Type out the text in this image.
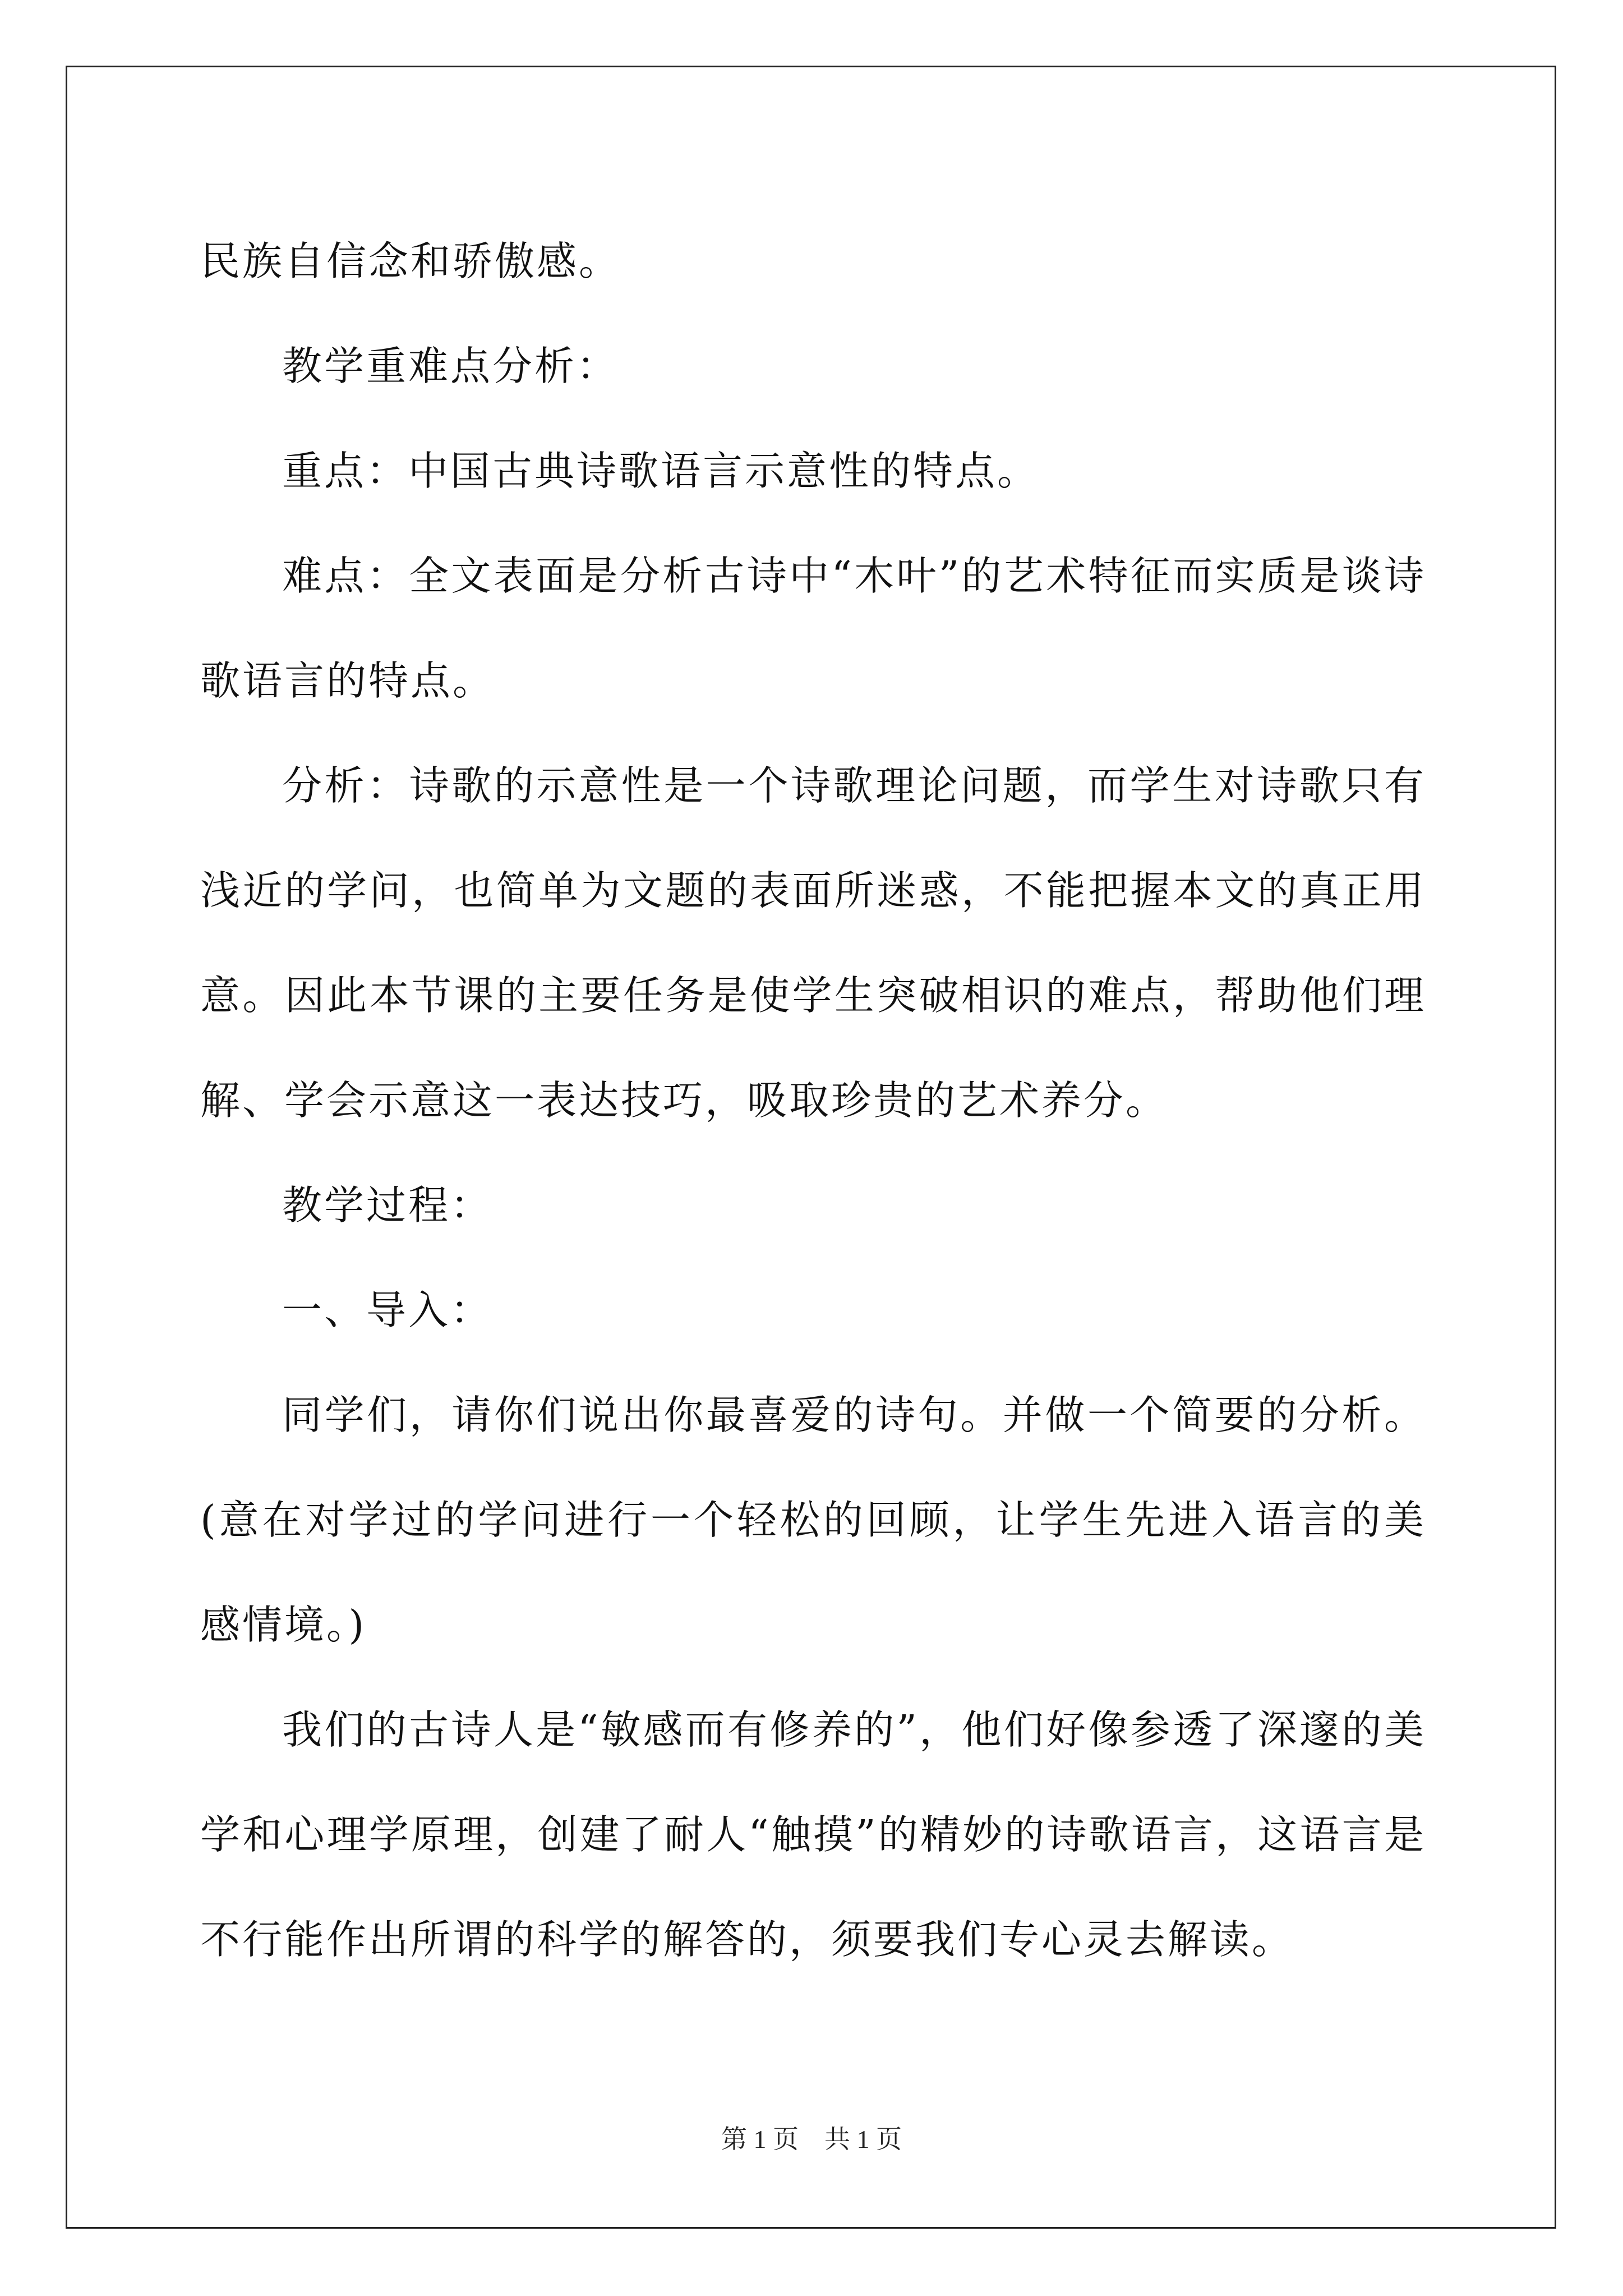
民族自信念和骄傲感。

教学重难点分析：

重点：中国古典诗歌语言示意性的特点。

难点：全文表面是分析古诗中“木叶”的艺术特征而实质是谈诗歌语言的特点。

分析：诗歌的示意性是一个诗歌理论问题，而学生对诗歌只有浅近的学问，也简单为文题的表面所迷惑，不能把握本文的真正用意。因此本节课的主要任务是使学生突破相识的难点，帮助他们理解、学会示意这一表达技巧，吸取珍贵的艺术养分。

教学过程：

一、导入：

同学们，请你们说出你最喜爱的诗句。并做一个简要的分析。(意在对学过的学问进行一个轻松的回顾，让学生先进入语言的美感情境。)

我们的古诗人是“敏感而有修养的”，他们好像参透了深邃的美学和心理学原理，创建了耐人“触摸”的精妙的诗歌语言，这语言是不行能作出所谓的科学的解答的，须要我们专心灵去解读。

第 1 页　共 1 页
